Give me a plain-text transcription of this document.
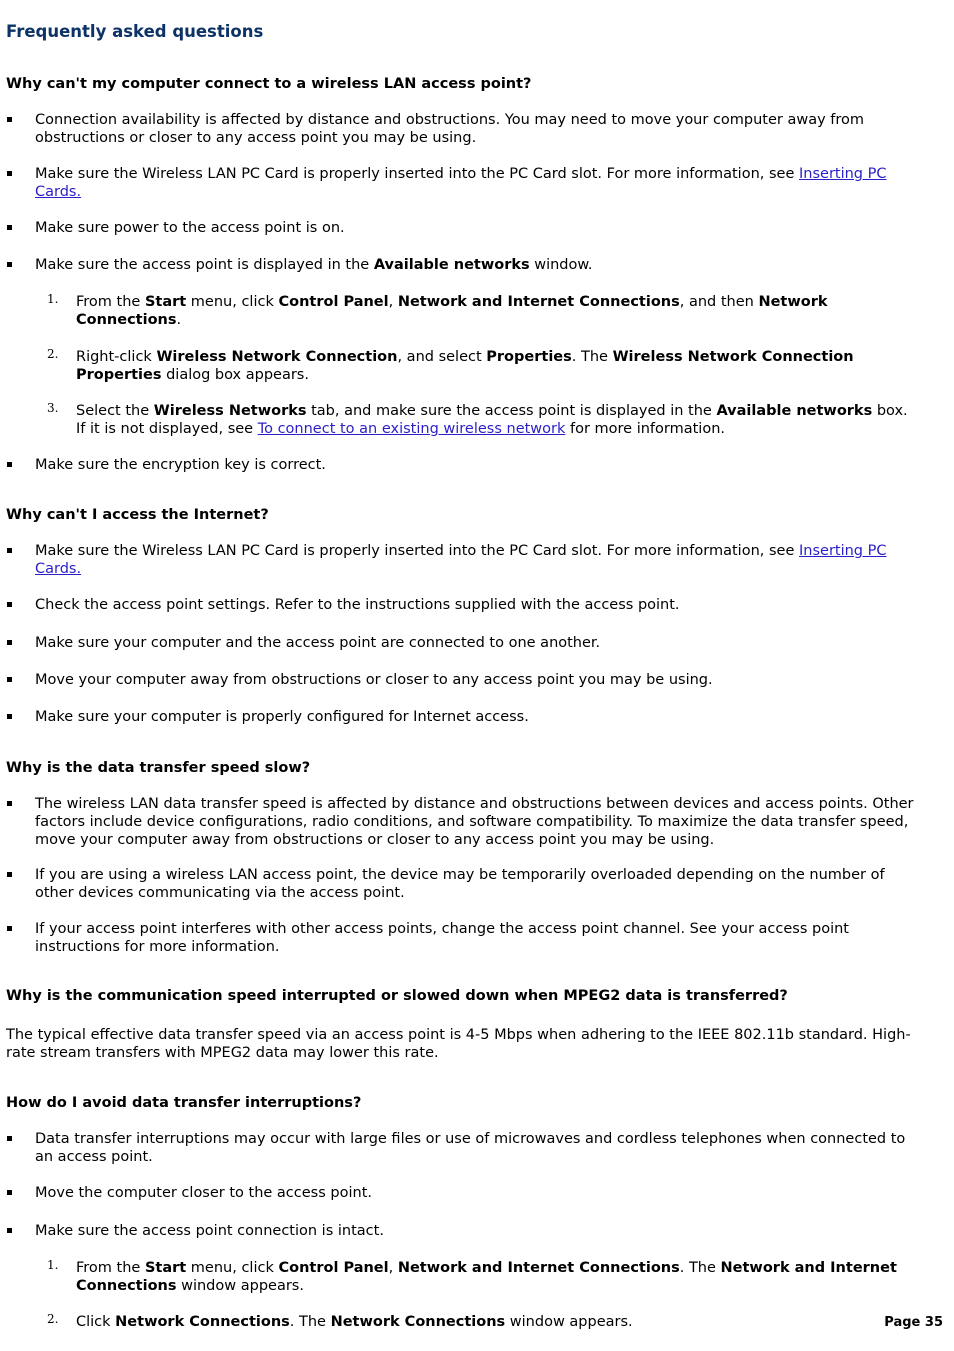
Frequently asked questions
Why can't my computer connect to a wireless LAN access point?

Connection availability is affected by distance and obstructions. You may need to move your computer away from obstructions or closer to any access point you may be using.

Make sure the Wireless LAN PC Card is properly inserted into the PC Card slot. For more information, see Inserting PC Cards.

Make sure power to the access point is on.

Make sure the access point is displayed in the Available networks window.

1. From the Start menu, click Control Panel, Network and Internet Connections, and then Network Connections.

2. Right-click Wireless Network Connection, and select Properties. The Wireless Network Connection Properties dialog box appears.

3. Select the Wireless Networks tab, and make sure the access point is displayed in the Available networks box. If it is not displayed, see To connect to an existing wireless network for more information.

Make sure the encryption key is correct.

Why can't I access the Internet?

Make sure the Wireless LAN PC Card is properly inserted into the PC Card slot. For more information, see Inserting PC Cards.

Check the access point settings. Refer to the instructions supplied with the access point.

Make sure your computer and the access point are connected to one another.

Move your computer away from obstructions or closer to any access point you may be using.

Make sure your computer is properly configured for Internet access.

Why is the data transfer speed slow?

The wireless LAN data transfer speed is affected by distance and obstructions between devices and access points. Other factors include device configurations, radio conditions, and software compatibility. To maximize the data transfer speed, move your computer away from obstructions or closer to any access point you may be using.

If you are using a wireless LAN access point, the device may be temporarily overloaded depending on the number of other devices communicating via the access point.

If your access point interferes with other access points, change the access point channel. See your access point instructions for more information.

Why is the communication speed interrupted or slowed down when MPEG2 data is transferred?

The typical effective data transfer speed via an access point is 4-5 Mbps when adhering to the IEEE 802.11b standard. High-rate stream transfers with MPEG2 data may lower this rate.

How do I avoid data transfer interruptions?

Data transfer interruptions may occur with large files or use of microwaves and cordless telephones when connected to an access point.

Move the computer closer to the access point.

Make sure the access point connection is intact.

1. From the Start menu, click Control Panel, Network and Internet Connections. The Network and Internet Connections window appears.

2. Click Network Connections. The Network Connections window appears.	Page 35
